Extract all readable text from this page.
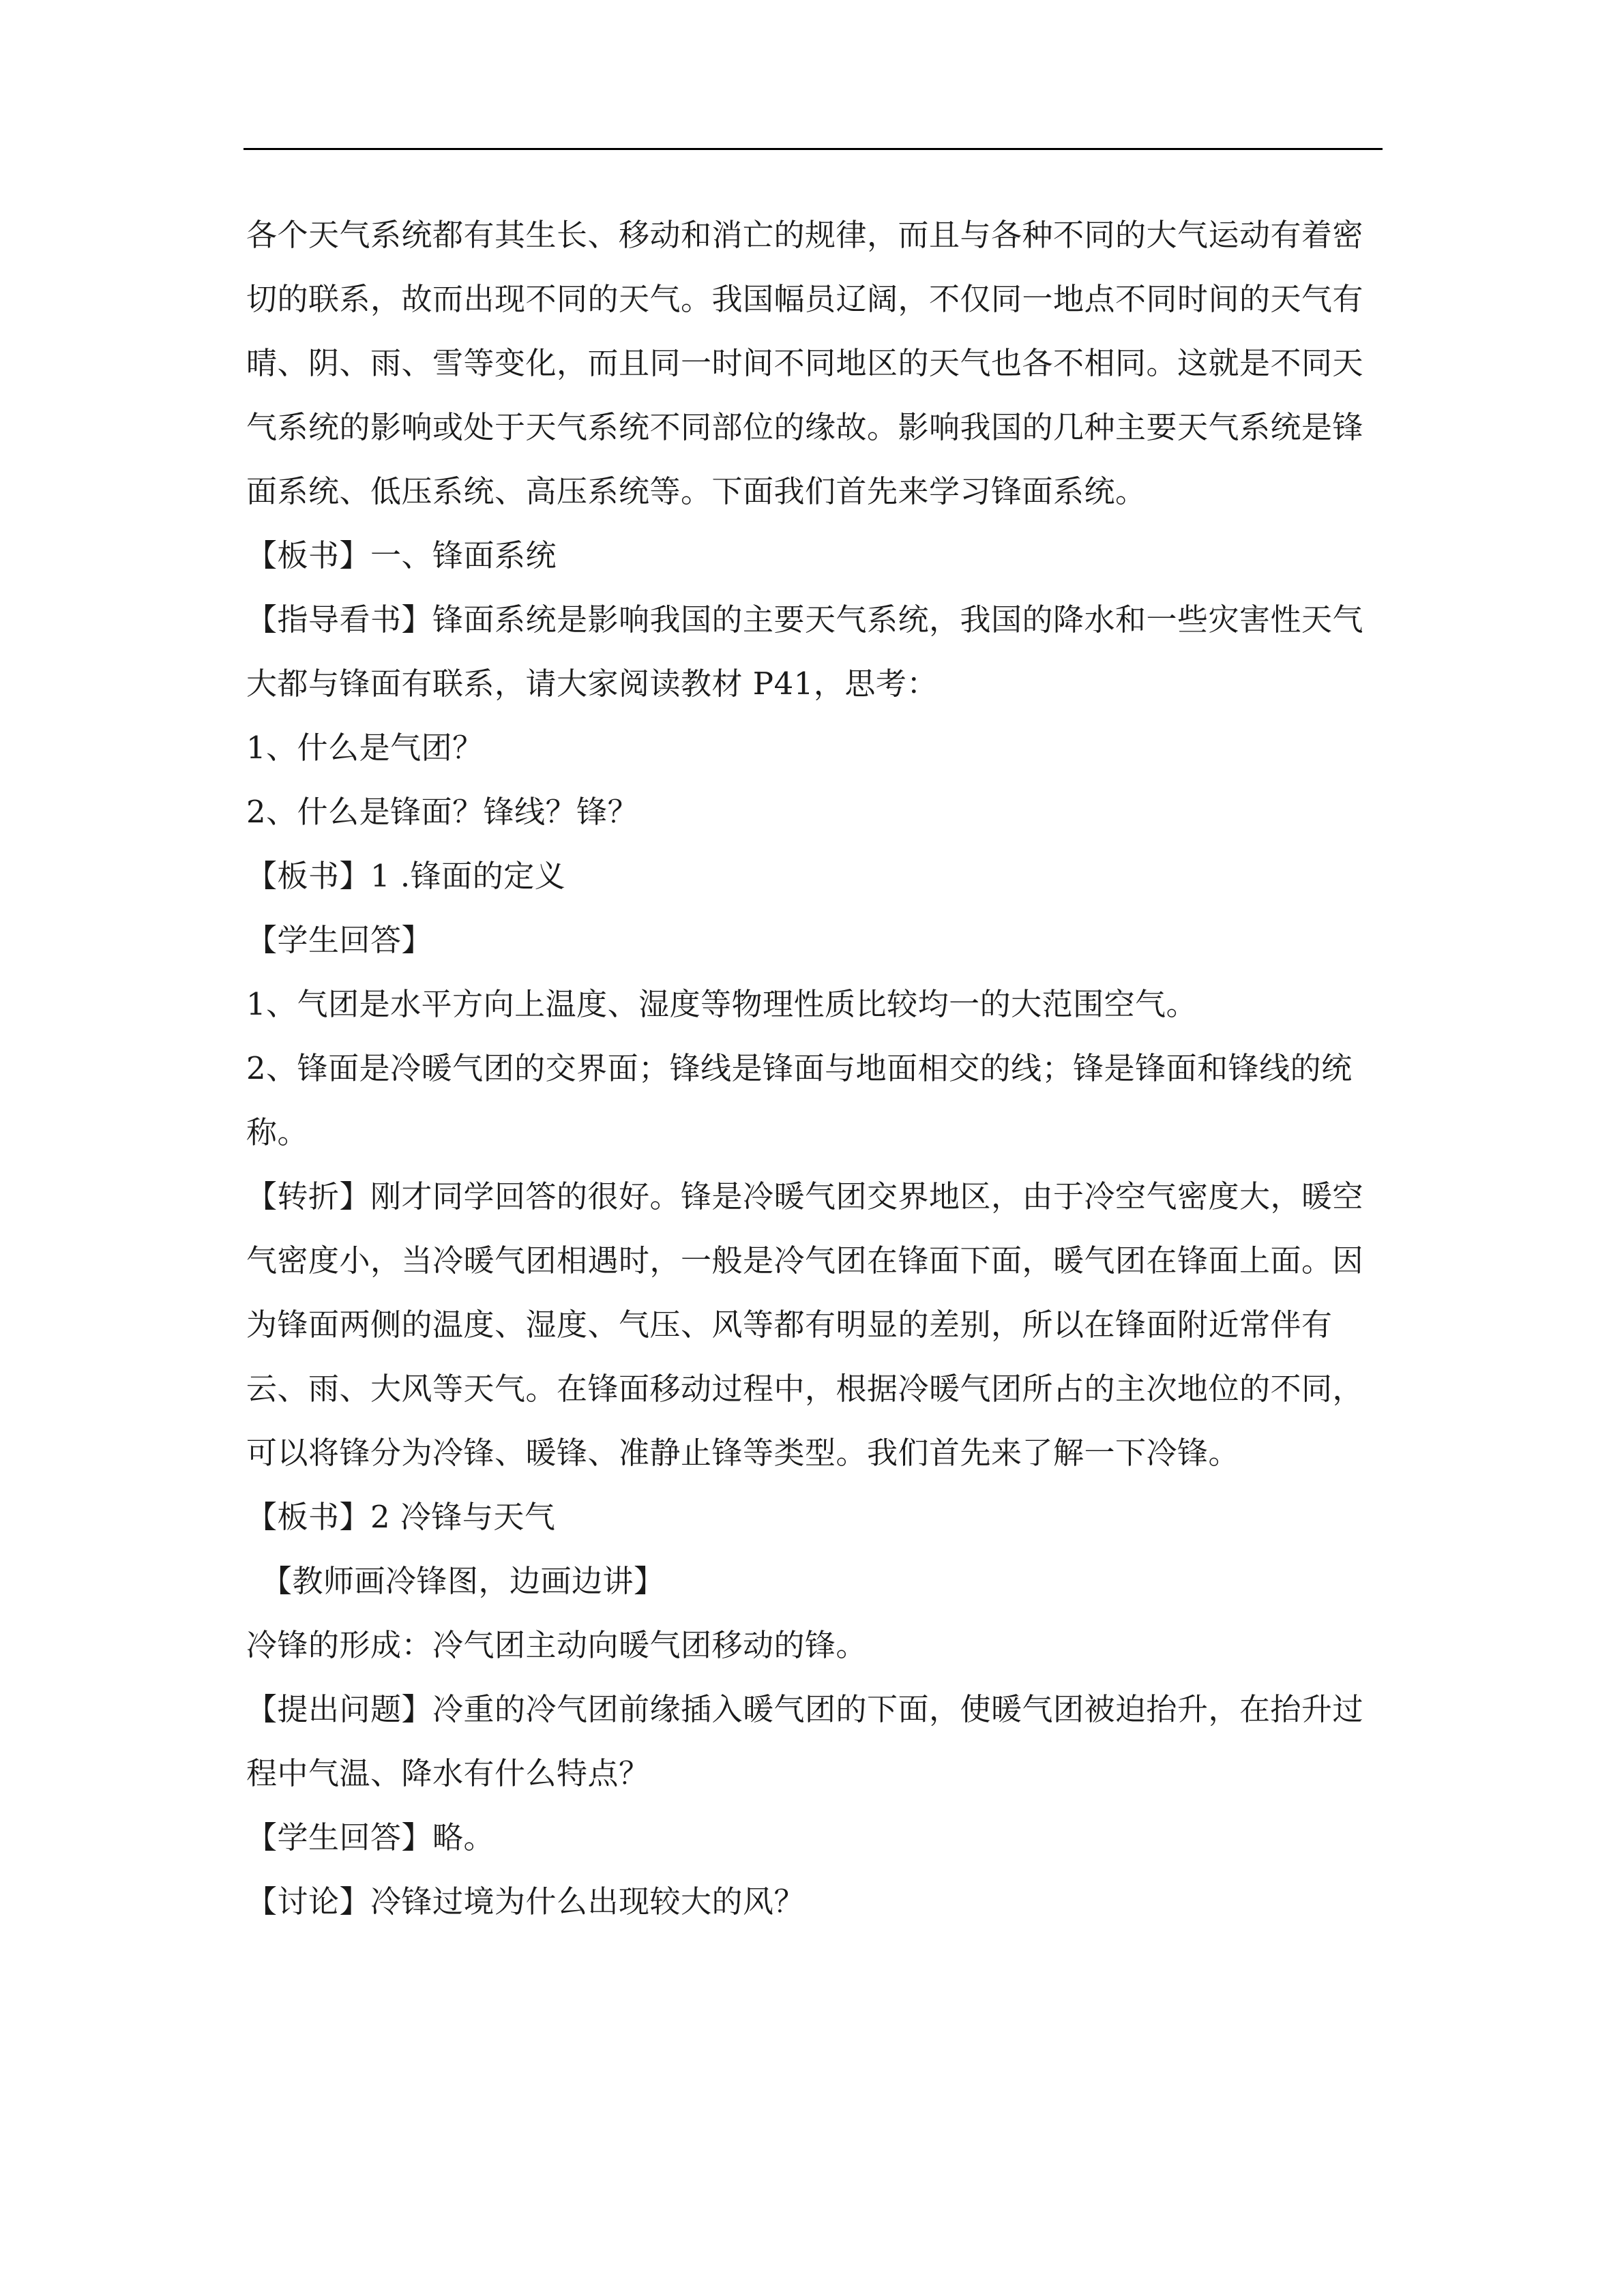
各个天气系统都有其生长、移动和消亡的规律，而且与各种不同的大气运动有着密切的联系，故而出现不同的天气。我国幅员辽阔，不仅同一地点不同时间的天气有晴、阴、雨、雪等变化，而且同一时间不同地区的天气也各不相同。这就是不同天气系统的影响或处于天气系统不同部位的缘故。影响我国的几种主要天气系统是锋面系统、低压系统、高压系统等。下面我们首先来学习锋面系统。

【板书】一、锋面系统

【指导看书】锋面系统是影响我国的主要天气系统，我国的降水和一些灾害性天气大都与锋面有联系，请大家阅读教材 P41，思考：

1、什么是气团？

2、什么是锋面？锋线？锋？

【板书】1 .锋面的定义

【学生回答】

1、气团是水平方向上温度、湿度等物理性质比较均一的大范围空气。

2、锋面是冷暖气团的交界面；锋线是锋面与地面相交的线；锋是锋面和锋线的统称。

【转折】刚才同学回答的很好。锋是冷暖气团交界地区，由于冷空气密度大，暖空气密度小，当冷暖气团相遇时，一般是冷气团在锋面下面，暖气团在锋面上面。因为锋面两侧的温度、湿度、气压、风等都有明显的差别，所以在锋面附近常伴有云、雨、大风等天气。在锋面移动过程中，根据冷暖气团所占的主次地位的不同，可以将锋分为冷锋、暖锋、准静止锋等类型。我们首先来了解一下冷锋。

【板书】2 冷锋与天气

【教师画冷锋图，边画边讲】

冷锋的形成：冷气团主动向暖气团移动的锋。

【提出问题】冷重的冷气团前缘插入暖气团的下面，使暖气团被迫抬升，在抬升过程中气温、降水有什么特点？

【学生回答】略。

【讨论】冷锋过境为什么出现较大的风？
